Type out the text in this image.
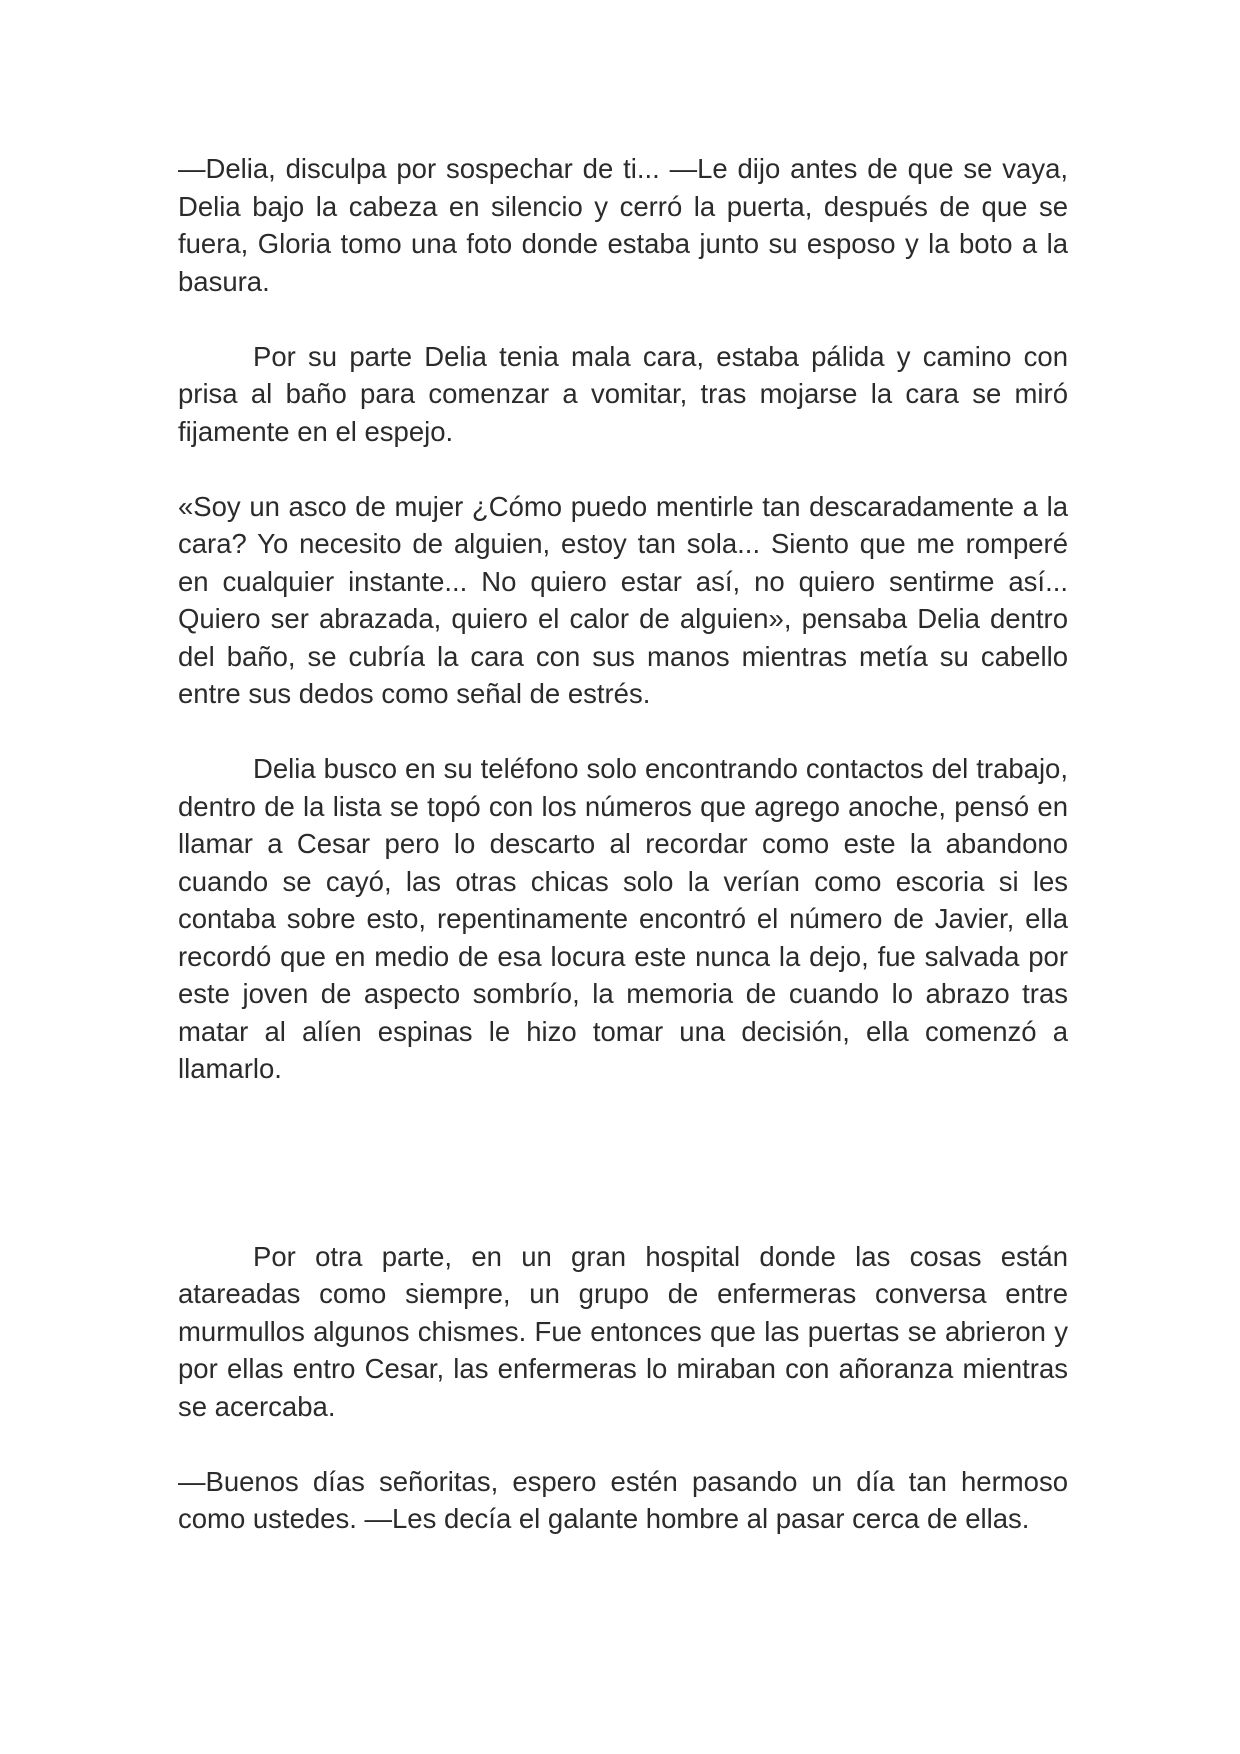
—Delia, disculpa por sospechar de ti... —Le dijo antes de que se vaya, Delia bajo la cabeza en silencio y cerró la puerta, después de que se fuera, Gloria tomo una foto donde estaba junto su esposo y la boto a la basura.

Por su parte Delia tenia mala cara, estaba pálida y camino con prisa al baño para comenzar a vomitar, tras mojarse la cara se miró fijamente en el espejo.

«Soy un asco de mujer ¿Cómo puedo mentirle tan descaradamente a la cara? Yo necesito de alguien, estoy tan sola... Siento que me romperé en cualquier instante... No quiero estar así, no quiero sentirme así... Quiero ser abrazada, quiero el calor de alguien», pensaba Delia dentro del baño, se cubría la cara con sus manos mientras metía su cabello entre sus dedos como señal de estrés.

Delia busco en su teléfono solo encontrando contactos del trabajo, dentro de la lista se topó con los números que agrego anoche, pensó en llamar a Cesar pero lo descarto al recordar como este la abandono cuando se cayó, las otras chicas solo la verían como escoria si les contaba sobre esto, repentinamente encontró el número de Javier, ella recordó que en medio de esa locura este nunca la dejo, fue salvada por este joven de aspecto sombrío, la memoria de cuando lo abrazo tras matar al alíen espinas le hizo tomar una decisión, ella comenzó a llamarlo.

Por otra parte, en un gran hospital donde las cosas están atareadas como siempre, un grupo de enfermeras conversa entre murmullos algunos chismes. Fue entonces que las puertas se abrieron y por ellas entro Cesar, las enfermeras lo miraban con añoranza mientras se acercaba.

—Buenos días señoritas, espero estén pasando un día tan hermoso como ustedes. —Les decía el galante hombre al pasar cerca de ellas.
